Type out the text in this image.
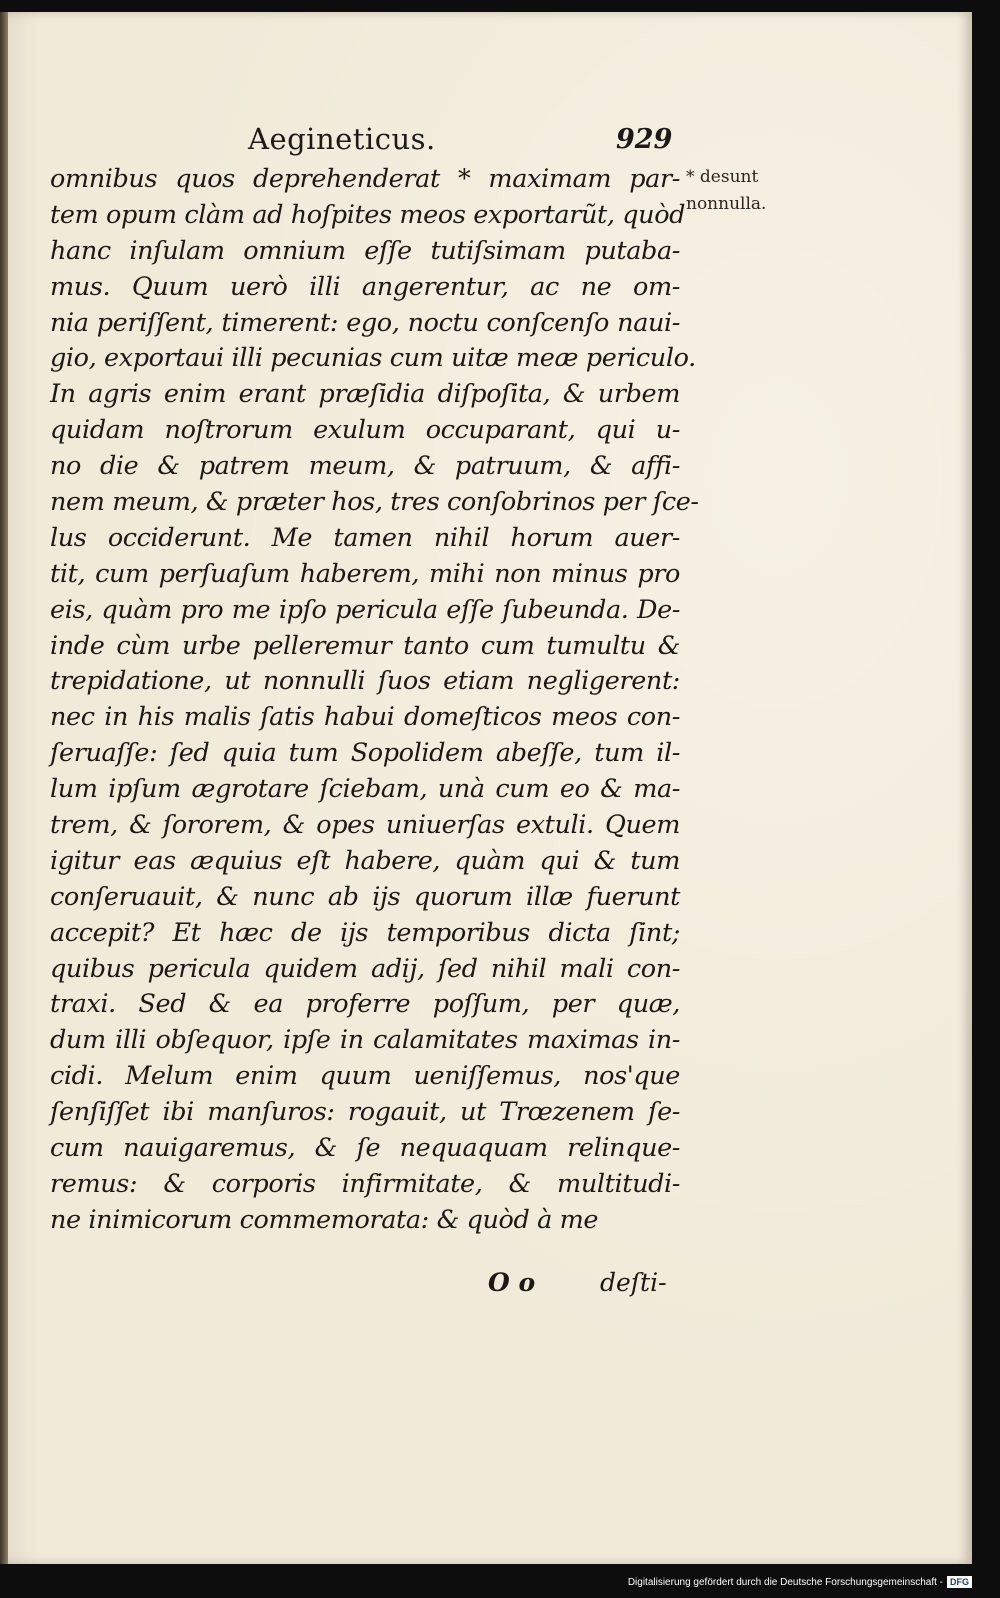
Aegineticus.	929
* desunt
nonnulla.
omnibus quos deprehenderat * maximam par-
tem opum clàm ad hoſpites meos exportarũt, quòd
hanc inſulam omnium eſſe tutiſsimam putaba-
mus. Quum uerò illi angerentur, ac ne om-
nia periſſent, timerent: ego, noctu conſcenſo naui-
gio, exportaui illi pecunias cum uitæ meæ periculo.
In agris enim erant præſidia diſpoſita, & urbem
quidam noſtrorum exulum occuparant, qui u-
no die & patrem meum, & patruum, & affi-
nem meum, & præter hos, tres conſobrinos per ſce-
lus occiderunt. Me tamen nihil horum auer-
tit, cum perſuaſum haberem, mihi non minus pro
eis, quàm pro me ipſo pericula eſſe ſubeunda. De-
inde cùm urbe pelleremur tanto cum tumultu &
trepidatione, ut nonnulli ſuos etiam negligerent:
nec in his malis ſatis habui domeſticos meos con-
ſeruaſſe: ſed quia tum Sopolidem abeſſe, tum il-
lum ipſum ægrotare ſciebam, unà cum eo & ma-
trem, & ſororem, & opes uniuerſas extuli. Quem
igitur eas æquius eſt habere, quàm qui & tum
conſeruauit, & nunc ab ijs quorum illæ fuerunt
accepit? Et hæc de ijs temporibus dicta ſint;
quibus pericula quidem adij, ſed nihil mali con-
traxi. Sed & ea proferre poſſum, per quæ,
dum illi obſequor, ipſe in calamitates maximas in-
cidi. Melum enim quum ueniſſemus, nos'que
ſenſiſſet ibi manſuros: rogauit, ut Trœzenem ſe-
cum nauigaremus, & ſe nequaquam relinque-
remus: & corporis infirmitate, & multitudi-
ne inimicorum commemorata: & quòd à me
O o	deſti-
Digitalisierung gefördert durch die Deutsche Forschungsgemeinschaft - DFG
